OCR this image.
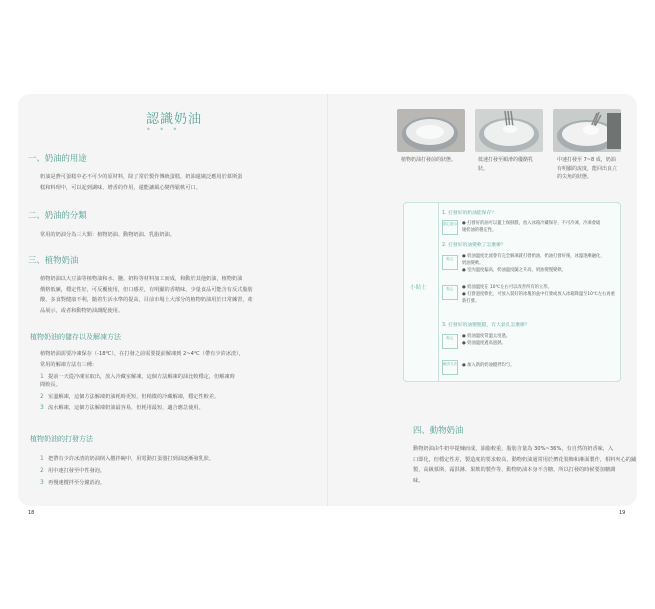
認識奶油
• • •
一、奶油的用途
奶油是費可蛋糕中必不可少的原材料，除了常於製作傳統蛋糕，奶油還廣泛應用於慕斯蛋
糕和料理中，可以起到調味、增香的作用，還能讓風心變得鬆軟可口。
二、奶油的分類
常用的奶油分為三大類：植物奶油、動物奶油、乳脂奶油。
三、植物奶油
植物奶油以大豆油等植物油和水、鹽、奶粉等材料加工而成，和動於其他奶油，植物奶油
價格低廉，穩定性好，可反覆使用，但口感差，有明顯的香精味，少量食品可能含有反式脂肪
酸，多食對健康不利，隨着生活水準的提高，目前市場上大部分的植物奶油用於日常練習，產
品展示，或者和動物奶油調配使用。
植物奶油的儲存以及解凍方法
植物奶油需要冷凍保存（-18℃），在打發之前需要提前解凍到 2~4℃（帶有少許冰渣），
常用的解凍方法有三種：
1 提前一天從冷凍室取出，放入冷藏室解凍，這個方法解凍的油比較穩定，但解凍時
間較長。
2 室溫解凍，這個方法解凍奶油耗時更短，但稍微的冷藏解凍，穩定性較差。
3 流水解凍，這個方法解凍奶油最容易，但耗用最短，適合應急使用。
植物奶油的打發方法
1 把帶有少許冰渣的奶油倒入攪拌碗中，用電動打蛋器打到油逐漸發乳狀。
2 用中速打發至中性發泡。
3 再慢速攪拌至分鐘消泡。
18
植物奶油打發前的狀態。	低速打發至順滑的優酪乳
狀。
中速打發至 7~8 成，奶油
有明顯的流度，能回出良立
的尖角的狀態。
小貼士
1. 打發好的奶油能保存？
貼心提示 ● 打發好的油可以蓋上保鮮膜，放入冰箱冷藏保存，不可冷凍，冷凍會破
壞奶油的穩定性。
2. 打發好的油變軟了怎麼辦？
貼心	● 奶油溫度比流會有完全解凍就打發奶油，奶油打發好後，冰溫逐漸融化，
奶油變軟。
● 室內溫度偏高，奶油溫度隨之升高，奶油變慢變軟。
貼心	● 奶油溫度在 10℃左右可以改善所有的立形。
● 打發過度軟化，可放入裝好的冰塊的盆中打發或放入冰箱降溫至10℃左右再重
新打發。
3. 打發好的油變粗糙，有大氣孔怎麼辦？
貼心	● 奶油溫度常溫太度過。
● 奶油溫度過高過熱。
解決方法 ● 加入新的奶油攪拌均勻。
四、動物奶油
動物奶油由牛奶中提煉而成，油脂較重，脂肪含量為 30%~36%，有自然的奶香味，入
口即化，但穩定性差，製造度的要求較高，動物奶油通常用於擠花裝飾和淋面製作，相料夾心的鋪
製，高級慕斯、霜淇淋、果飲的製作等，動物奶油本身不含糖，所以打發的時候要加糖調
味。
19
